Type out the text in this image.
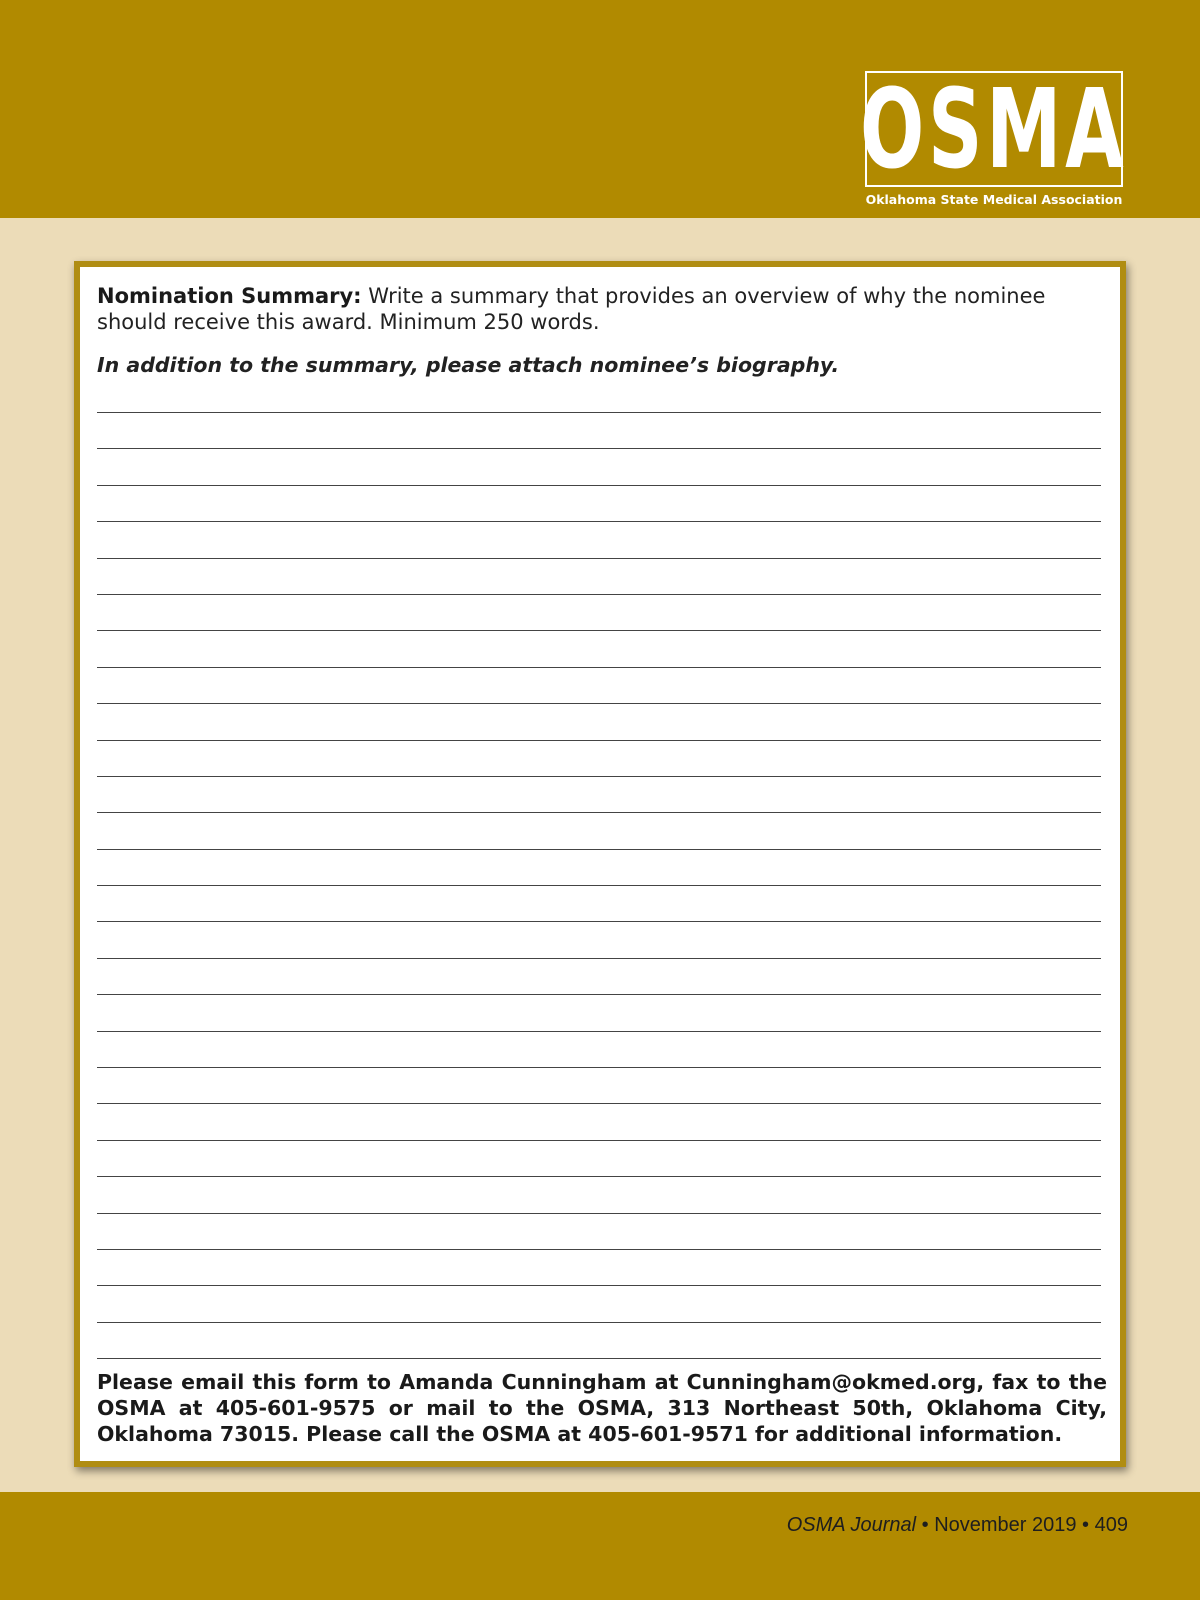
OSMA
Oklahoma State Medical Association
Nomination Summary: Write a summary that provides an overview of why the nominee should receive this award. Minimum 250 words.
In addition to the summary, please attach nominee’s biography.
Please email this form to Amanda Cunningham at Cunningham@okmed.org, fax to the OSMA at 405-601-9575 or mail to the OSMA, 313 Northeast 50th, Oklahoma City, Oklahoma 73015. Please call the OSMA at 405-601-9571 for additional information.
OSMA Journal • November 2019 • 409
